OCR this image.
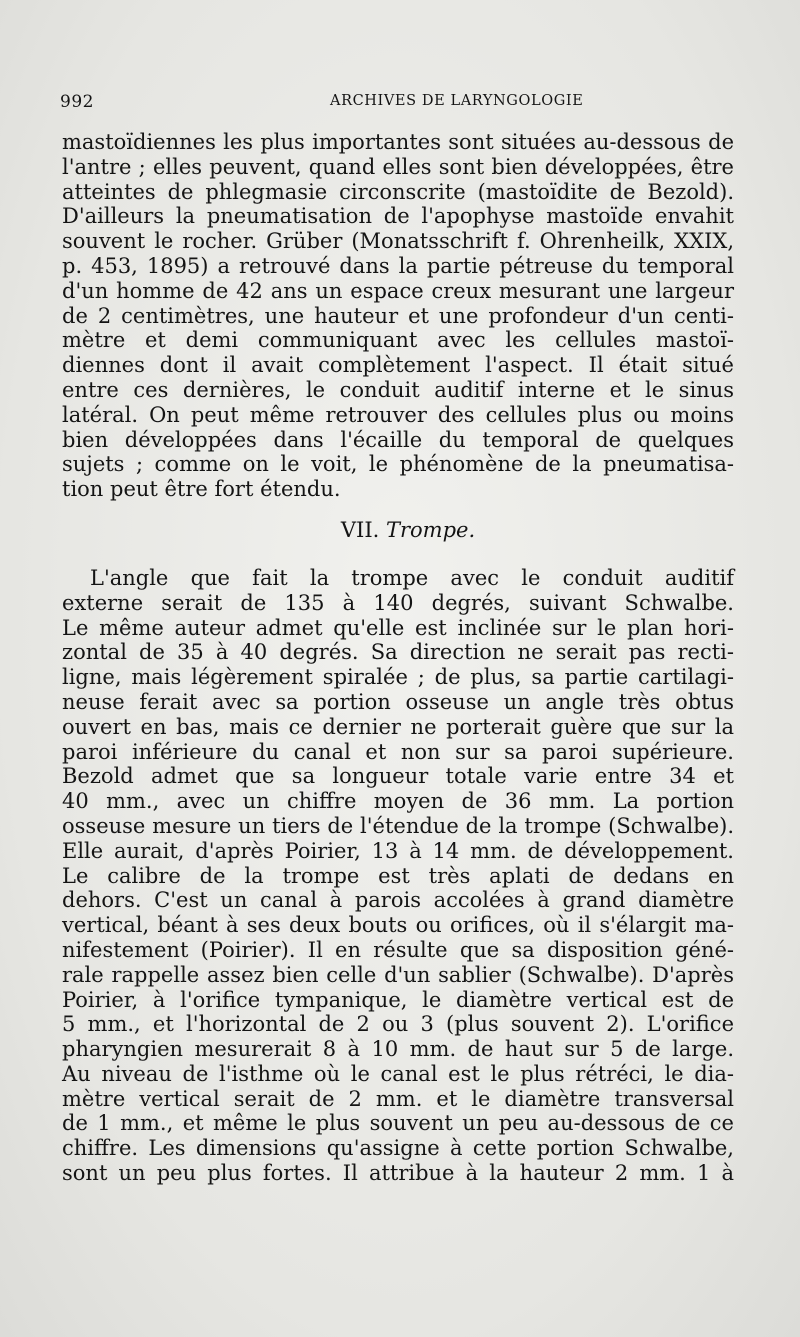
992	ARCHIVES DE LARYNGOLOGIE
mastoïdiennes les plus importantes sont situées au-dessous de
l'antre ; elles peuvent, quand elles sont bien développées, être
atteintes de phlegmasie circonscrite (mastoïdite de Bezold).
D'ailleurs la pneumatisation de l'apophyse mastoïde envahit
souvent le rocher. Grüber (Monatsschrift f. Ohrenheilk, XXIX,
p. 453, 1895) a retrouvé dans la partie pétreuse du temporal
d'un homme de 42 ans un espace creux mesurant une largeur
de 2 centimètres, une hauteur et une profondeur d'un centi-
mètre et demi communiquant avec les cellules mastoï-
diennes dont il avait complètement l'aspect. Il était situé
entre ces dernières, le conduit auditif interne et le sinus
latéral. On peut même retrouver des cellules plus ou moins
bien développées dans l'écaille du temporal de quelques
sujets ; comme on le voit, le phénomène de la pneumatisa-
tion peut être fort étendu.
VII. Trompe.
L'angle que fait la trompe avec le conduit auditif
externe serait de 135 à 140 degrés, suivant Schwalbe.
Le même auteur admet qu'elle est inclinée sur le plan hori-
zontal de 35 à 40 degrés. Sa direction ne serait pas recti-
ligne, mais légèrement spiralée ; de plus, sa partie cartilagi-
neuse ferait avec sa portion osseuse un angle très obtus
ouvert en bas, mais ce dernier ne porterait guère que sur la
paroi inférieure du canal et non sur sa paroi supérieure.
Bezold admet que sa longueur totale varie entre 34 et
40 mm., avec un chiffre moyen de 36 mm. La portion
osseuse mesure un tiers de l'étendue de la trompe (Schwalbe).
Elle aurait, d'après Poirier, 13 à 14 mm. de développement.
Le calibre de la trompe est très aplati de dedans en
dehors. C'est un canal à parois accolées à grand diamètre
vertical, béant à ses deux bouts ou orifices, où il s'élargit ma-
nifestement (Poirier). Il en résulte que sa disposition géné-
rale rappelle assez bien celle d'un sablier (Schwalbe). D'après
Poirier, à l'orifice tympanique, le diamètre vertical est de
5 mm., et l'horizontal de 2 ou 3 (plus souvent 2). L'orifice
pharyngien mesurerait 8 à 10 mm. de haut sur 5 de large.
Au niveau de l'isthme où le canal est le plus rétréci, le dia-
mètre vertical serait de 2 mm. et le diamètre transversal
de 1 mm., et même le plus souvent un peu au-dessous de ce
chiffre. Les dimensions qu'assigne à cette portion Schwalbe,
sont un peu plus fortes. Il attribue à la hauteur 2 mm. 1 à
